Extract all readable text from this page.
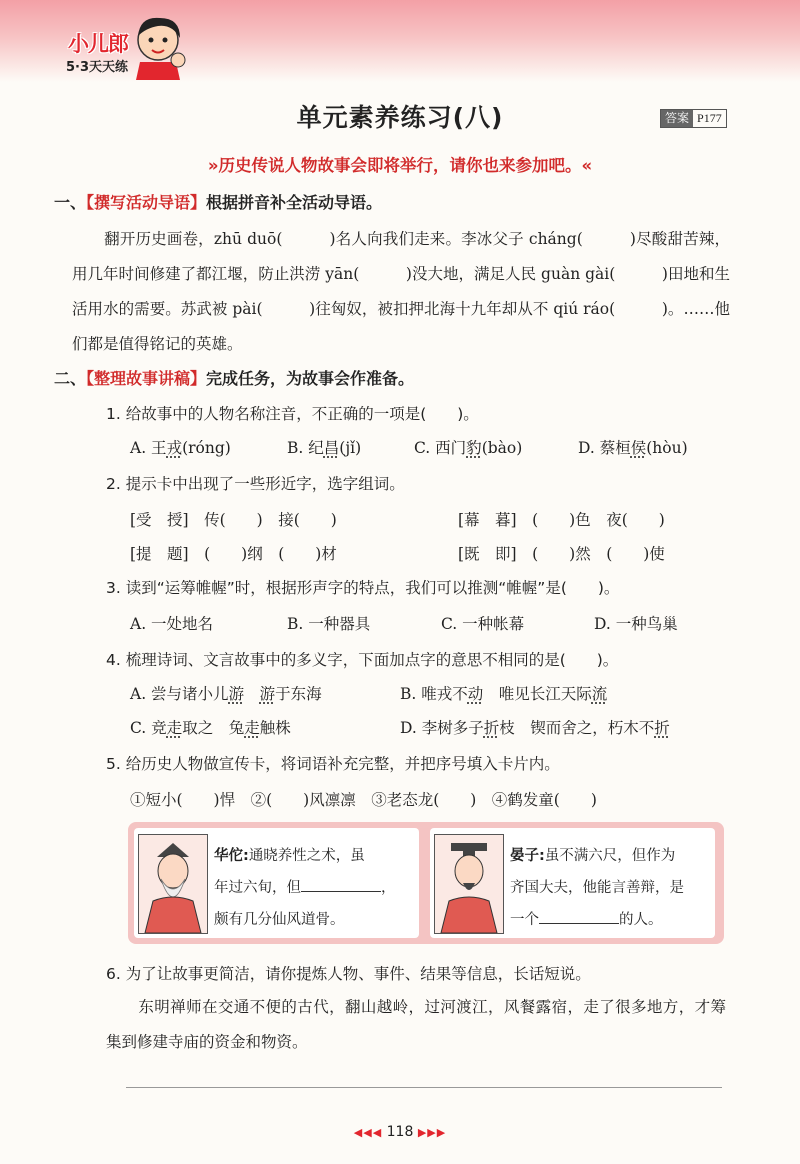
小儿郎
5·3天天练
单元素养练习(八)	答案 P177
»历史传说人物故事会即将举行，请你也来参加吧。«
一、【撰写活动导语】根据拼音补全活动导语。
翻开历史画卷，zhū duō(　　　)名人向我们走来。李冰父子 cháng(　　　)尽酸甜苦辣，用几年时间修建了都江堰，防止洪涝 yān(　　　)没大地，满足人民 guàn gài(　　　)田地和生活用水的需要。苏武被 pài(　　　)往匈奴，被扣押北海十九年却从不 qiú ráo(　　　)。……他们都是值得铭记的英雄。
二、【整理故事讲稿】完成任务，为故事会作准备。
1. 给故事中的人物名称注音，不正确的一项是(　　)。
A. 王戎(róng)	B. 纪昌(jǐ)	C. 西门豹(bào)	D. 蔡桓侯(hòu)
2. 提示卡中出现了一些形近字，选字组词。
[受　授]　传(　　)　接(　　)	[幕　暮]　(　　)色　夜(　　)
[提　题]　(　　)纲　(　　)材	[既　即]　(　　)然　(　　)使
3. 读到“运筹帷幄”时，根据形声字的特点，我们可以推测“帷幄”是(　　)。
A. 一处地名	B. 一种器具	C. 一种帐幕	D. 一种鸟巢
4. 梳理诗词、文言故事中的多义字，下面加点字的意思不相同的是(　　)。
A. 尝与诸小儿游　 游于东海	B. 唯戎不动　唯见长江天际流
C. 竞走取之　兔走触株	D. 李树多子折枝　锲而舍之，朽木不折
5. 给历史人物做宣传卡，将词语补充完整，并把序号填入卡片内。
①短小(　　)悍　②(　　)风凛凛　③老态龙(　　)　④鹤发童(　　)
华佗:通晓养性之术，虽
年过六旬，但	，
颇有几分仙风道骨。
晏子:虽不满六尺，但作为
齐国大夫，他能言善辩，是
一个	的人。
6. 为了让故事更简洁，请你提炼人物、事件、结果等信息，长话短说。
东明禅师在交通不便的古代，翻山越岭，过河渡江，风餐露宿，走了很多地方，才筹集到修建寺庙的资金和物资。
◀◀◀ 118 ▶▶▶
